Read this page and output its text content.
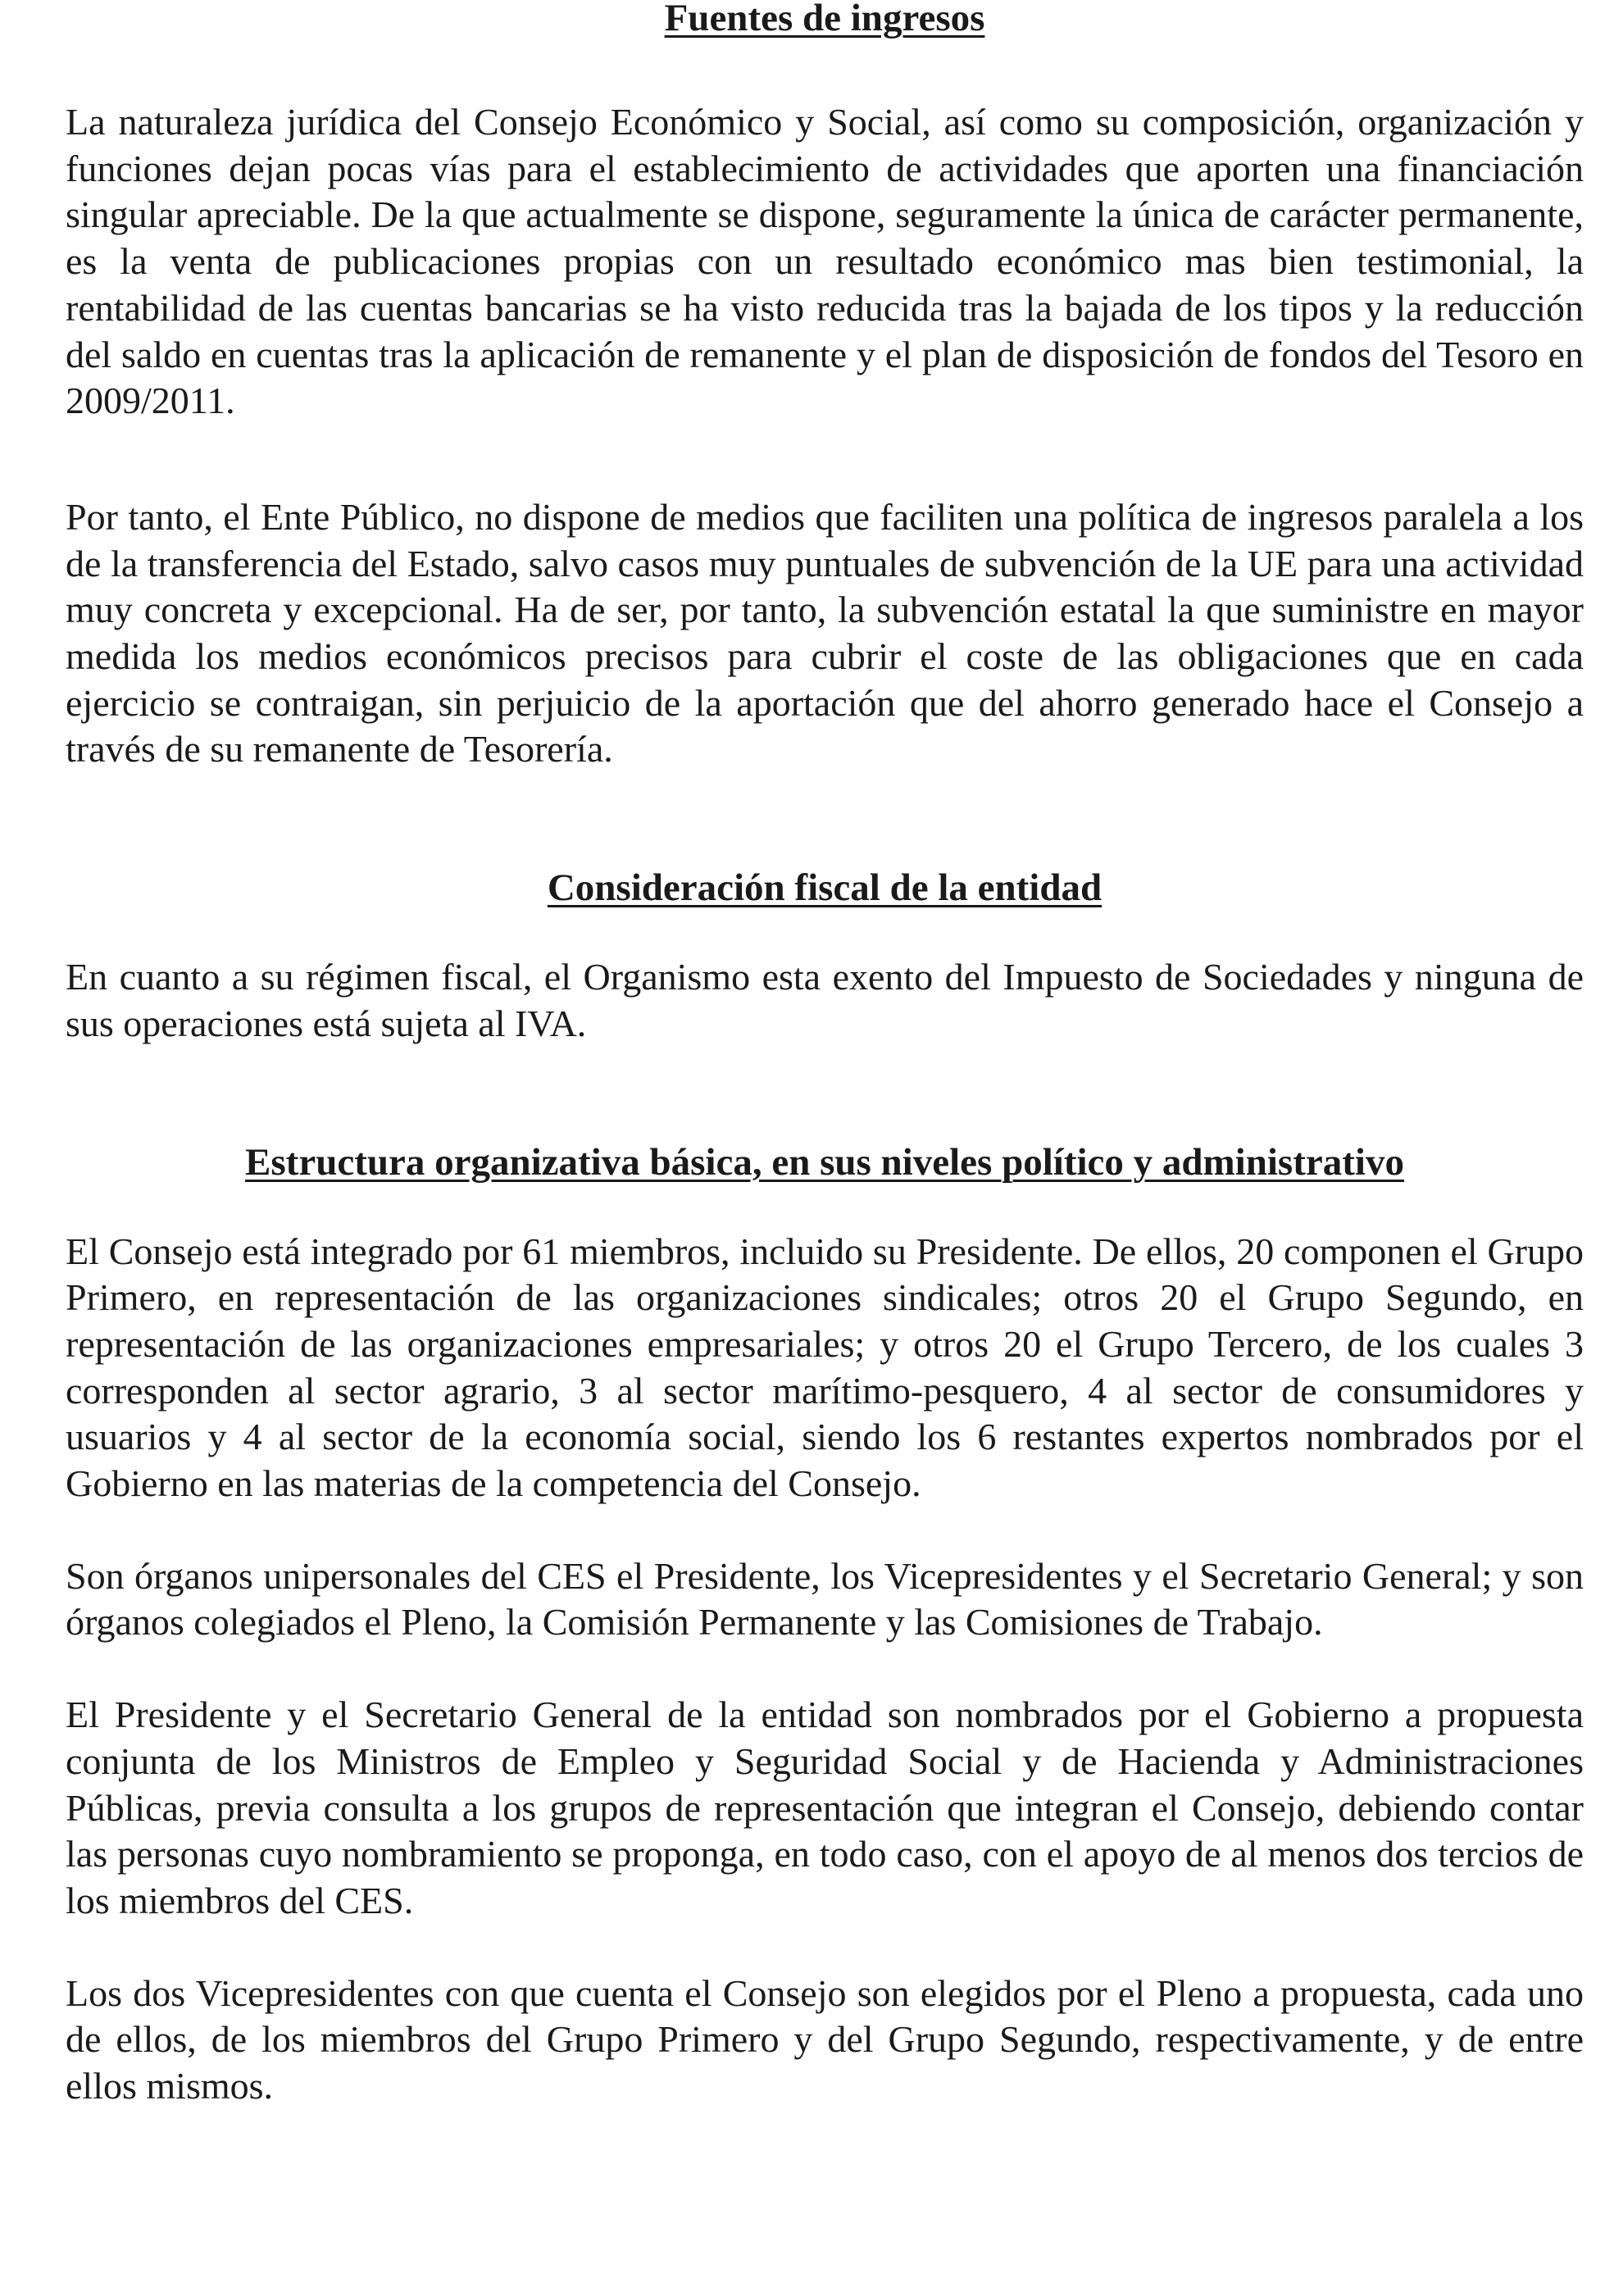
Fuentes de ingresos

La naturaleza jurídica del Consejo Económico y Social, así como su composición, organización y funciones dejan pocas vías para el establecimiento de actividades que aporten una financiación singular apreciable. De la que actualmente se dispone, seguramente la única de carácter permanente, es la venta de publicaciones propias con un resultado económico mas bien testimonial, la rentabilidad de las cuentas bancarias se ha visto reducida tras la bajada de los tipos y la reducción del saldo en cuentas tras la aplicación de remanente y el plan de disposición de fondos del Tesoro en 2009/2011.

Por tanto, el Ente Público, no dispone de medios que faciliten una política de ingresos paralela a los de la transferencia del Estado, salvo casos muy puntuales de subvención de la UE para una actividad muy concreta y excepcional. Ha de ser, por tanto, la subvención estatal la que suministre en mayor medida los medios económicos precisos para cubrir el coste de las obligaciones que en cada ejercicio se contraigan, sin perjuicio de la aportación que del ahorro generado hace el Consejo a través de su remanente de Tesorería.

Consideración fiscal de la entidad

En cuanto a su régimen fiscal, el Organismo esta exento del Impuesto de Sociedades y ninguna de sus operaciones está sujeta al IVA.

Estructura organizativa básica, en sus niveles político y administrativo

El Consejo está integrado por 61 miembros, incluido su Presidente. De ellos, 20 componen el Grupo Primero, en representación de las organizaciones sindicales; otros 20 el Grupo Segundo, en representación de las organizaciones empresariales; y otros 20 el Grupo Tercero, de los cuales 3 corresponden al sector agrario, 3 al sector marítimo-pesquero, 4 al sector de consumidores y usuarios y 4 al sector de la economía social, siendo los 6 restantes expertos nombrados por el Gobierno en las materias de la competencia del Consejo.

Son órganos unipersonales del CES el Presidente, los Vicepresidentes y el Secretario General; y son órganos colegiados el Pleno, la Comisión Permanente y las Comisiones de Trabajo.

El Presidente y el Secretario General de la entidad son nombrados por el Gobierno a propuesta conjunta de los Ministros de Empleo y Seguridad Social y de Hacienda y Administraciones Públicas, previa consulta a los grupos de representación que integran el Consejo, debiendo contar las personas cuyo nombramiento se proponga, en todo caso, con el apoyo de al menos dos tercios de los miembros del CES.

Los dos Vicepresidentes con que cuenta el Consejo son elegidos por el Pleno a propuesta, cada uno de ellos, de los miembros del Grupo Primero y del Grupo Segundo, respectivamente, y de entre ellos mismos.
